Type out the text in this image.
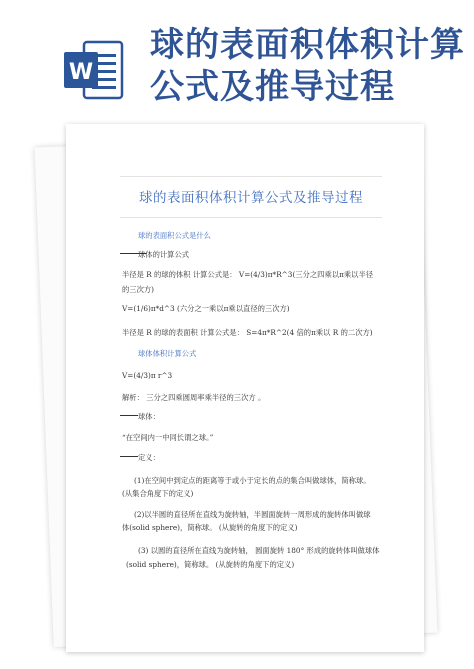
W
球的表面积体积计算公式及推导过程
球的表面积体积计算公式及推导过程
球的表面积公式是什么
球体的计算公式
半径是 R 的球的体积 计算公式是： V=(4/3)π*R^3(三分之四乘以π乘以半径
的三次方)
V=(1/6)π*d^3 (六分之一乘以π乘以直径的三次方)
半径是 R 的球的表面积 计算公式是： S=4π*R^2(4 倍的π乘以 R 的二次方)
球体体积计算公式
V=(4/3)π r^3
解析： 三分之四乘圆周率乘半径的三次方 。
球体：
“在空间内一中同长谓之球。”
定义：
(1)在空间中到定点的距离等于或小于定长的点的集合叫做球体，简称球。
(从集合角度下的定义)
(2)以半圆的直径所在直线为旋转轴，半圆面旋转一周形成的旋转体叫做球
体(solid sphere)，简称球。 (从旋转的角度下的定义)
(3) 以圆的直径所在直线为旋转轴， 圆面旋转 180° 形成的旋转体叫做球体
(solid sphere)，简称球。 (从旋转的角度下的定义)
